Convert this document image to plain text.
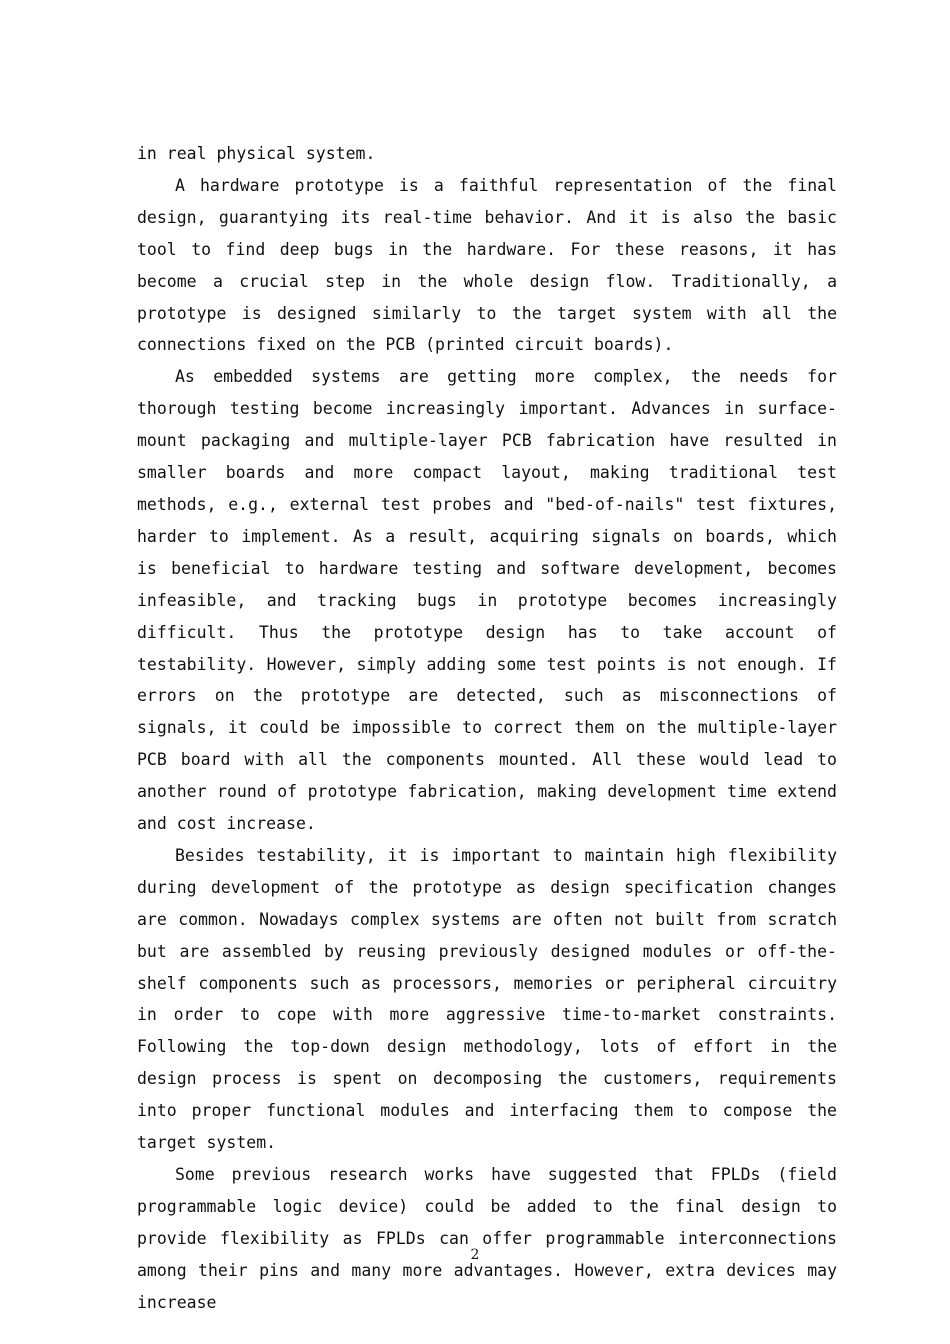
in real physical system.

A hardware prototype is a faithful representation of the final design, guarantying its real-time behavior. And it is also the basic tool to find deep bugs in the hardware. For these reasons, it has become a crucial step in the whole design flow. Traditionally, a prototype is designed similarly to the target system with all the connections fixed on the PCB (printed circuit boards).

As embedded systems are getting more complex, the needs for thorough testing become increasingly important. Advances in surface-mount packaging and multiple-layer PCB fabrication have resulted in smaller boards and more compact layout, making traditional test methods, e.g., external test probes and "bed-of-nails" test fixtures, harder to implement. As a result, acquiring signals on boards, which is beneficial to hardware testing and software development, becomes infeasible, and tracking bugs in prototype becomes increasingly difficult. Thus the prototype design has to take account of testability. However, simply adding some test points is not enough. If errors on the prototype are detected, such as misconnections of signals, it could be impossible to correct them on the multiple-layer PCB board with all the components mounted. All these would lead to another round of prototype fabrication, making development time extend and cost increase.

Besides testability, it is important to maintain high flexibility during development of the prototype as design specification changes are common. Nowadays complex systems are often not built from scratch but are assembled by reusing previously designed modules or off-the-shelf components such as processors, memories or peripheral circuitry in order to cope with more aggressive time-to-market constraints. Following the top-down design methodology, lots of effort in the design process is spent on decomposing the customers, requirements into proper functional modules and interfacing them to compose the target system.

Some previous research works have suggested that FPLDs (field programmable logic device) could be added to the final design to provide flexibility as FPLDs can offer programmable interconnections among their pins and many more advantages. However, extra devices may increase

2
